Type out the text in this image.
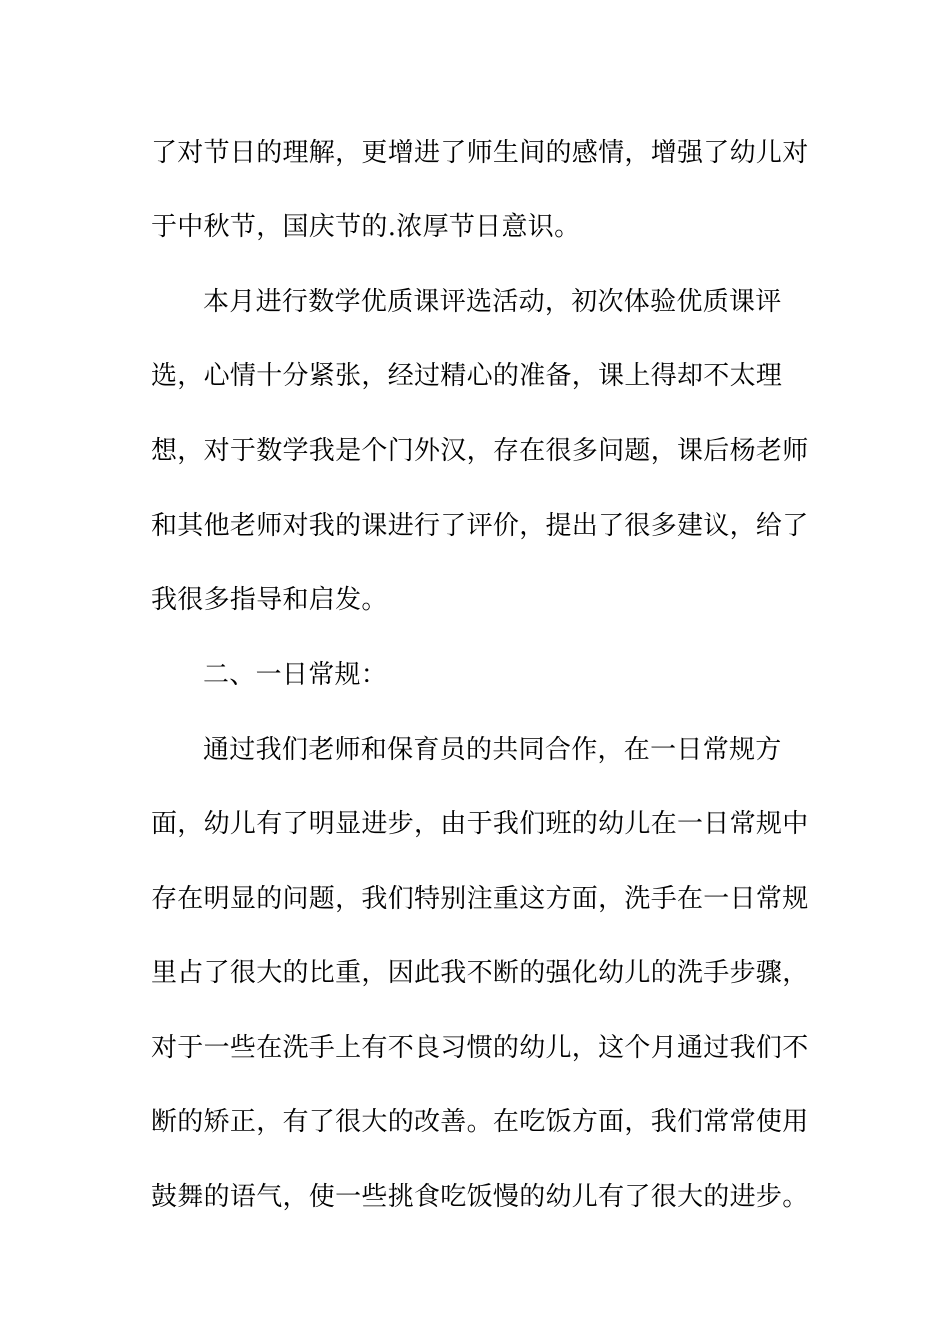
了对节日的理解，更增进了师生间的感情，增强了幼儿对
于中秋节，国庆节的.浓厚节日意识。
本月进行数学优质课评选活动，初次体验优质课评
选，心情十分紧张，经过精心的准备，课上得却不太理
想，对于数学我是个门外汉，存在很多问题，课后杨老师
和其他老师对我的课进行了评价，提出了很多建议，给了
我很多指导和启发。
二、一日常规：
通过我们老师和保育员的共同合作，在一日常规方
面，幼儿有了明显进步，由于我们班的幼儿在一日常规中
存在明显的问题，我们特别注重这方面，洗手在一日常规
里占了很大的比重，因此我不断的强化幼儿的洗手步骤，
对于一些在洗手上有不良习惯的幼儿，这个月通过我们不
断的矫正，有了很大的改善。在吃饭方面，我们常常使用
鼓舞的语气，使一些挑食吃饭慢的幼儿有了很大的进步。
